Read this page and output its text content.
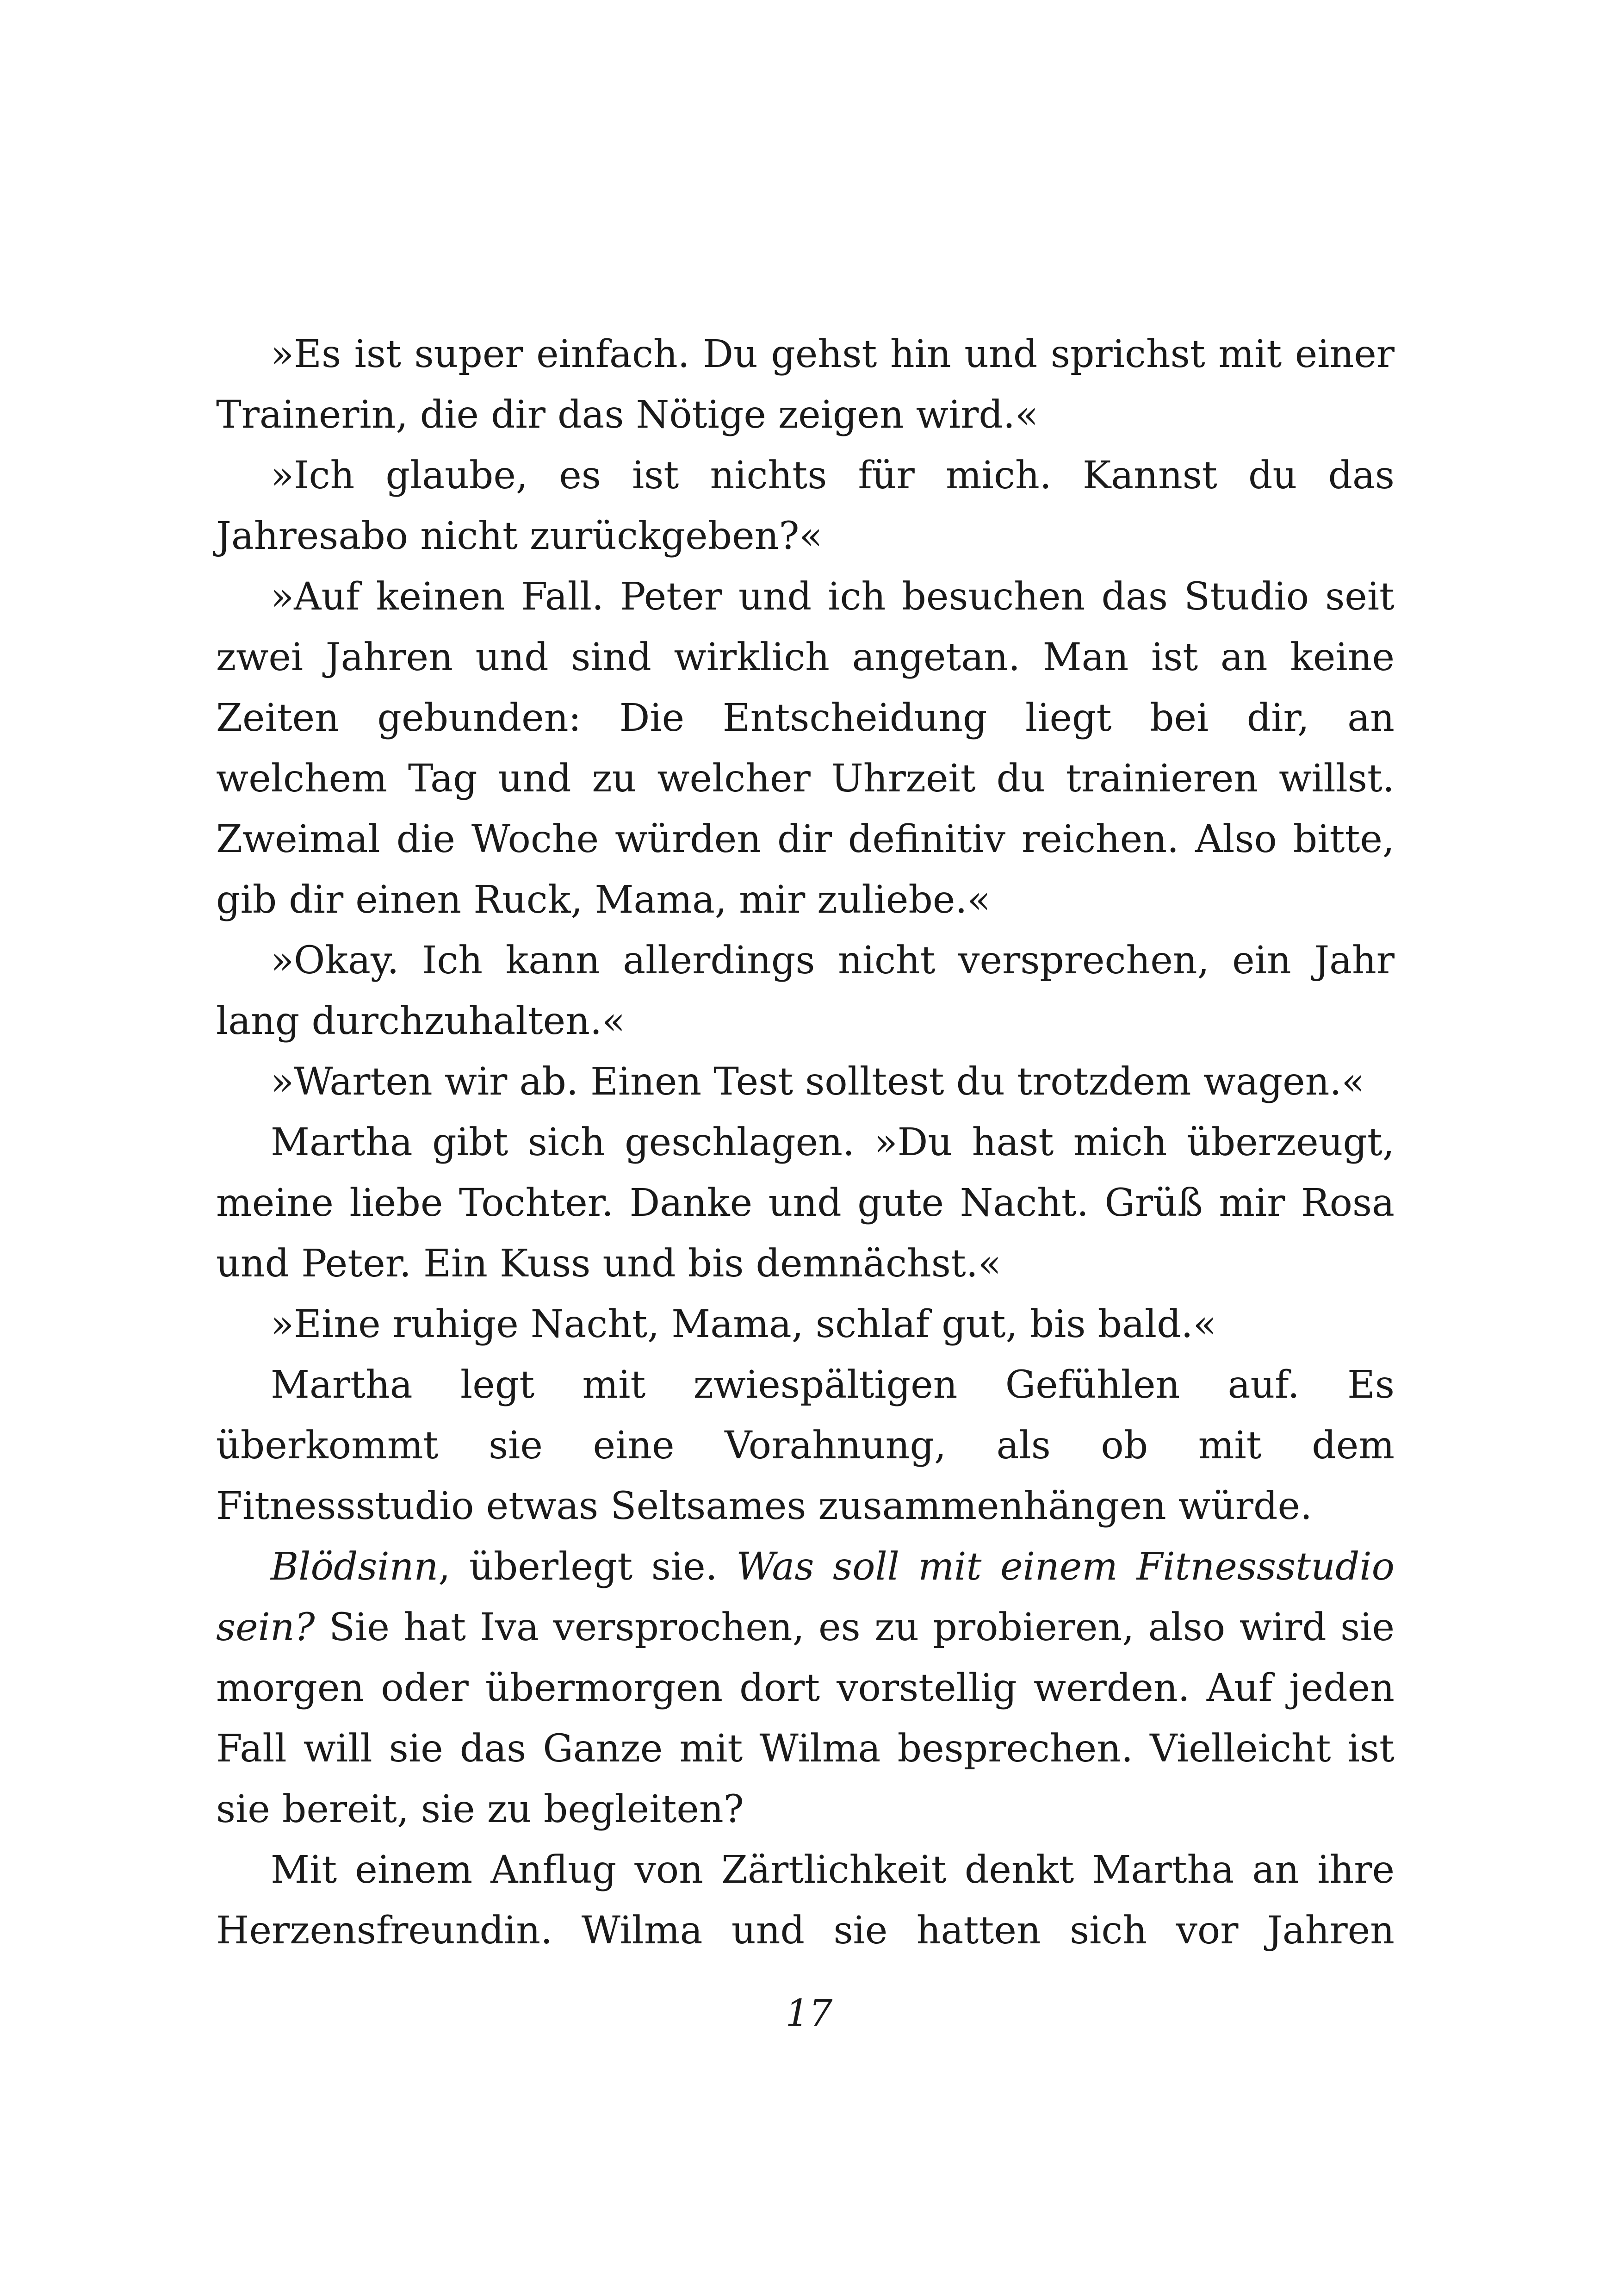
»Es ist super einfach. Du gehst hin und sprichst mit einer Trainerin, die dir das Nötige zeigen wird.«

»Ich glaube, es ist nichts für mich. Kannst du das Jahresabo nicht zurückgeben?«

»Auf keinen Fall. Peter und ich besuchen das Studio seit zwei Jahren und sind wirklich angetan. Man ist an keine Zeiten gebunden: Die Entscheidung liegt bei dir, an welchem Tag und zu welcher Uhrzeit du trainieren willst. Zweimal die Woche würden dir definitiv reichen. Also bitte, gib dir einen Ruck, Mama, mir zuliebe.«

»Okay. Ich kann allerdings nicht versprechen, ein Jahr lang durchzuhalten.«

»Warten wir ab. Einen Test solltest du trotzdem wagen.«

Martha gibt sich geschlagen. »Du hast mich überzeugt, meine liebe Tochter. Danke und gute Nacht. Grüß mir Rosa und Peter. Ein Kuss und bis demnächst.«

»Eine ruhige Nacht, Mama, schlaf gut, bis bald.«

Martha legt mit zwiespältigen Gefühlen auf. Es überkommt sie eine Vorahnung, als ob mit dem Fitnessstudio etwas Seltsames zusammenhängen würde.

Blödsinn, überlegt sie. Was soll mit einem Fitnessstudio sein? Sie hat Iva versprochen, es zu probieren, also wird sie morgen oder übermorgen dort vorstellig werden. Auf jeden Fall will sie das Ganze mit Wilma besprechen. Vielleicht ist sie bereit, sie zu begleiten?

Mit einem Anflug von Zärtlichkeit denkt Martha an ihre Herzensfreundin. Wilma und sie hatten sich vor Jahren

17
